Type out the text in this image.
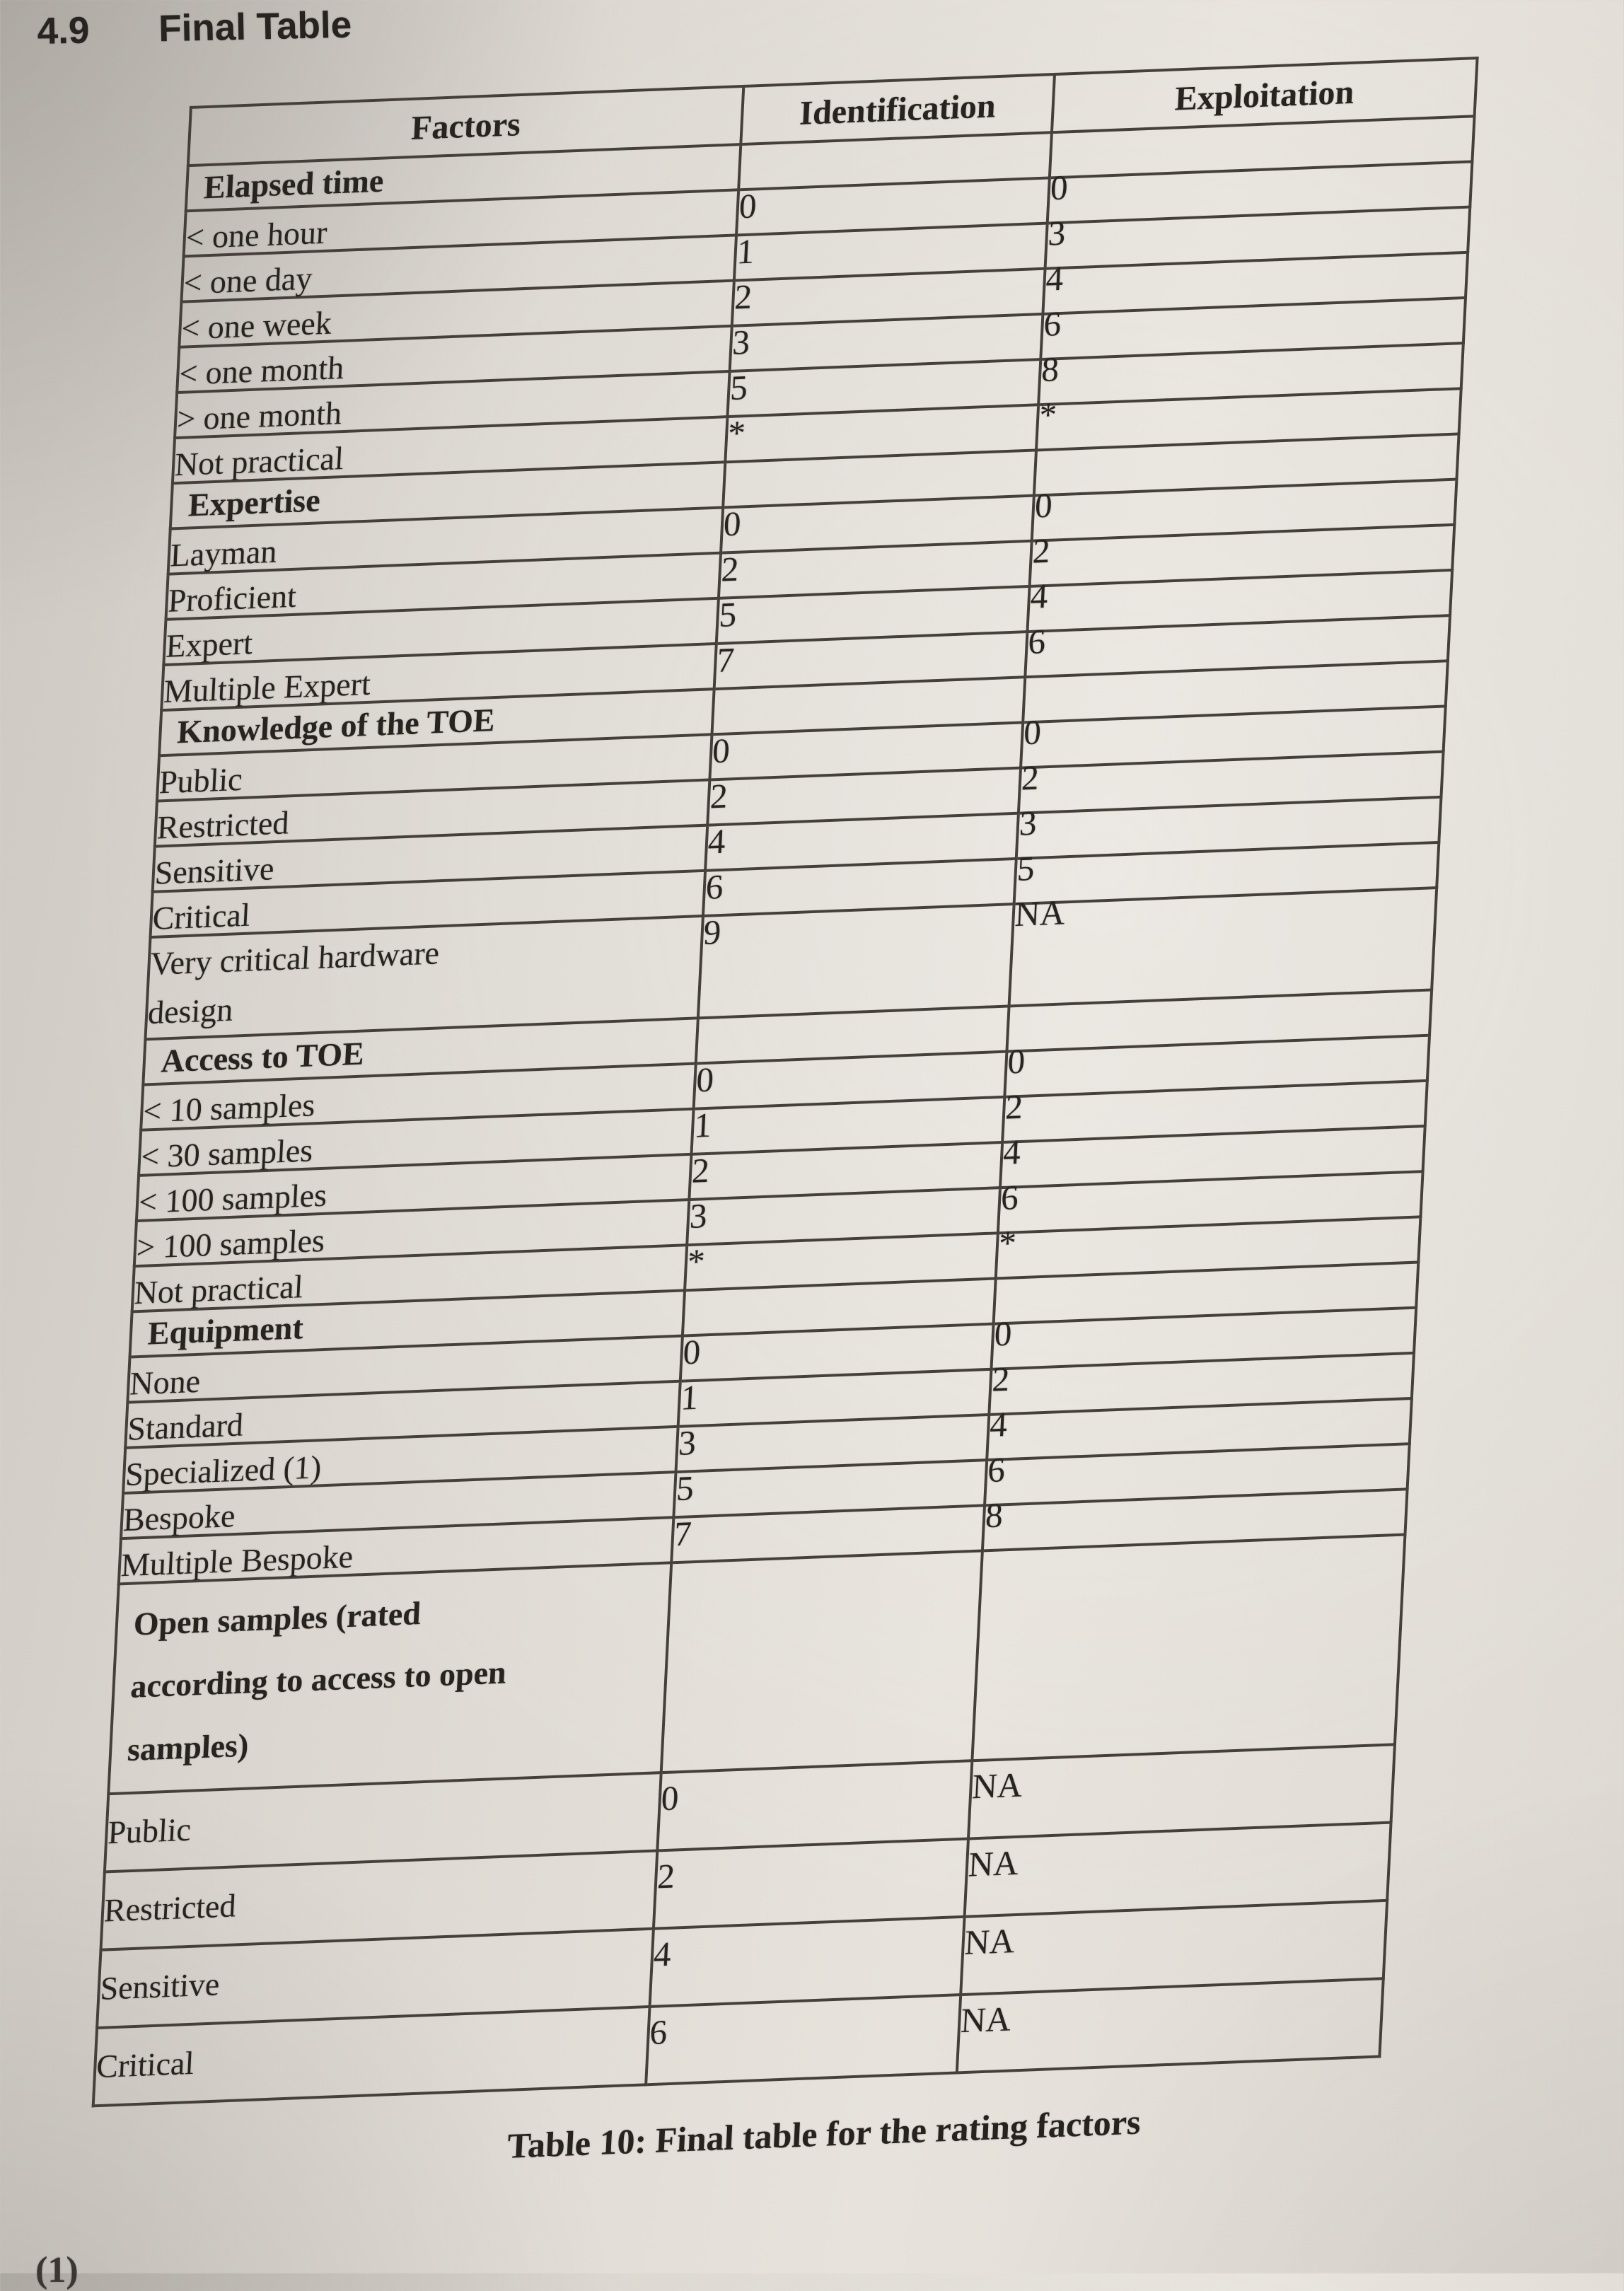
4.9 Final Table
Factors	Identification	Exploitation
Elapsed time		
< one hour	0	0
< one day	1	3
< one week	2	4
< one month	3	6
> one month	5	8
Not practical	*	*
Expertise		
Layman	0	0
Proficient	2	2
Expert	5	4
Multiple Expert	7	6
Knowledge of the TOE		
Public	0	0
Restricted	2	2
Sensitive	4	3
Critical	6	5

Very critical hardware
design	9	NA
Access to TOE		
< 10 samples	0	0
< 30 samples	1	2
< 100 samples	2	4
> 100 samples	3	6
Not practical	*	*
Equipment		
None	0	0
Standard	1	2
Specialized (1)	3	4
Bespoke	5	6
Multiple Bespoke	7	8

Open samples (rated
according to access to open
samples)		

Public	0	NA
Restricted	2	NA
Sensitive	4	NA
Critical	6	NA
Table 10: Final table for the rating factors
(1)
